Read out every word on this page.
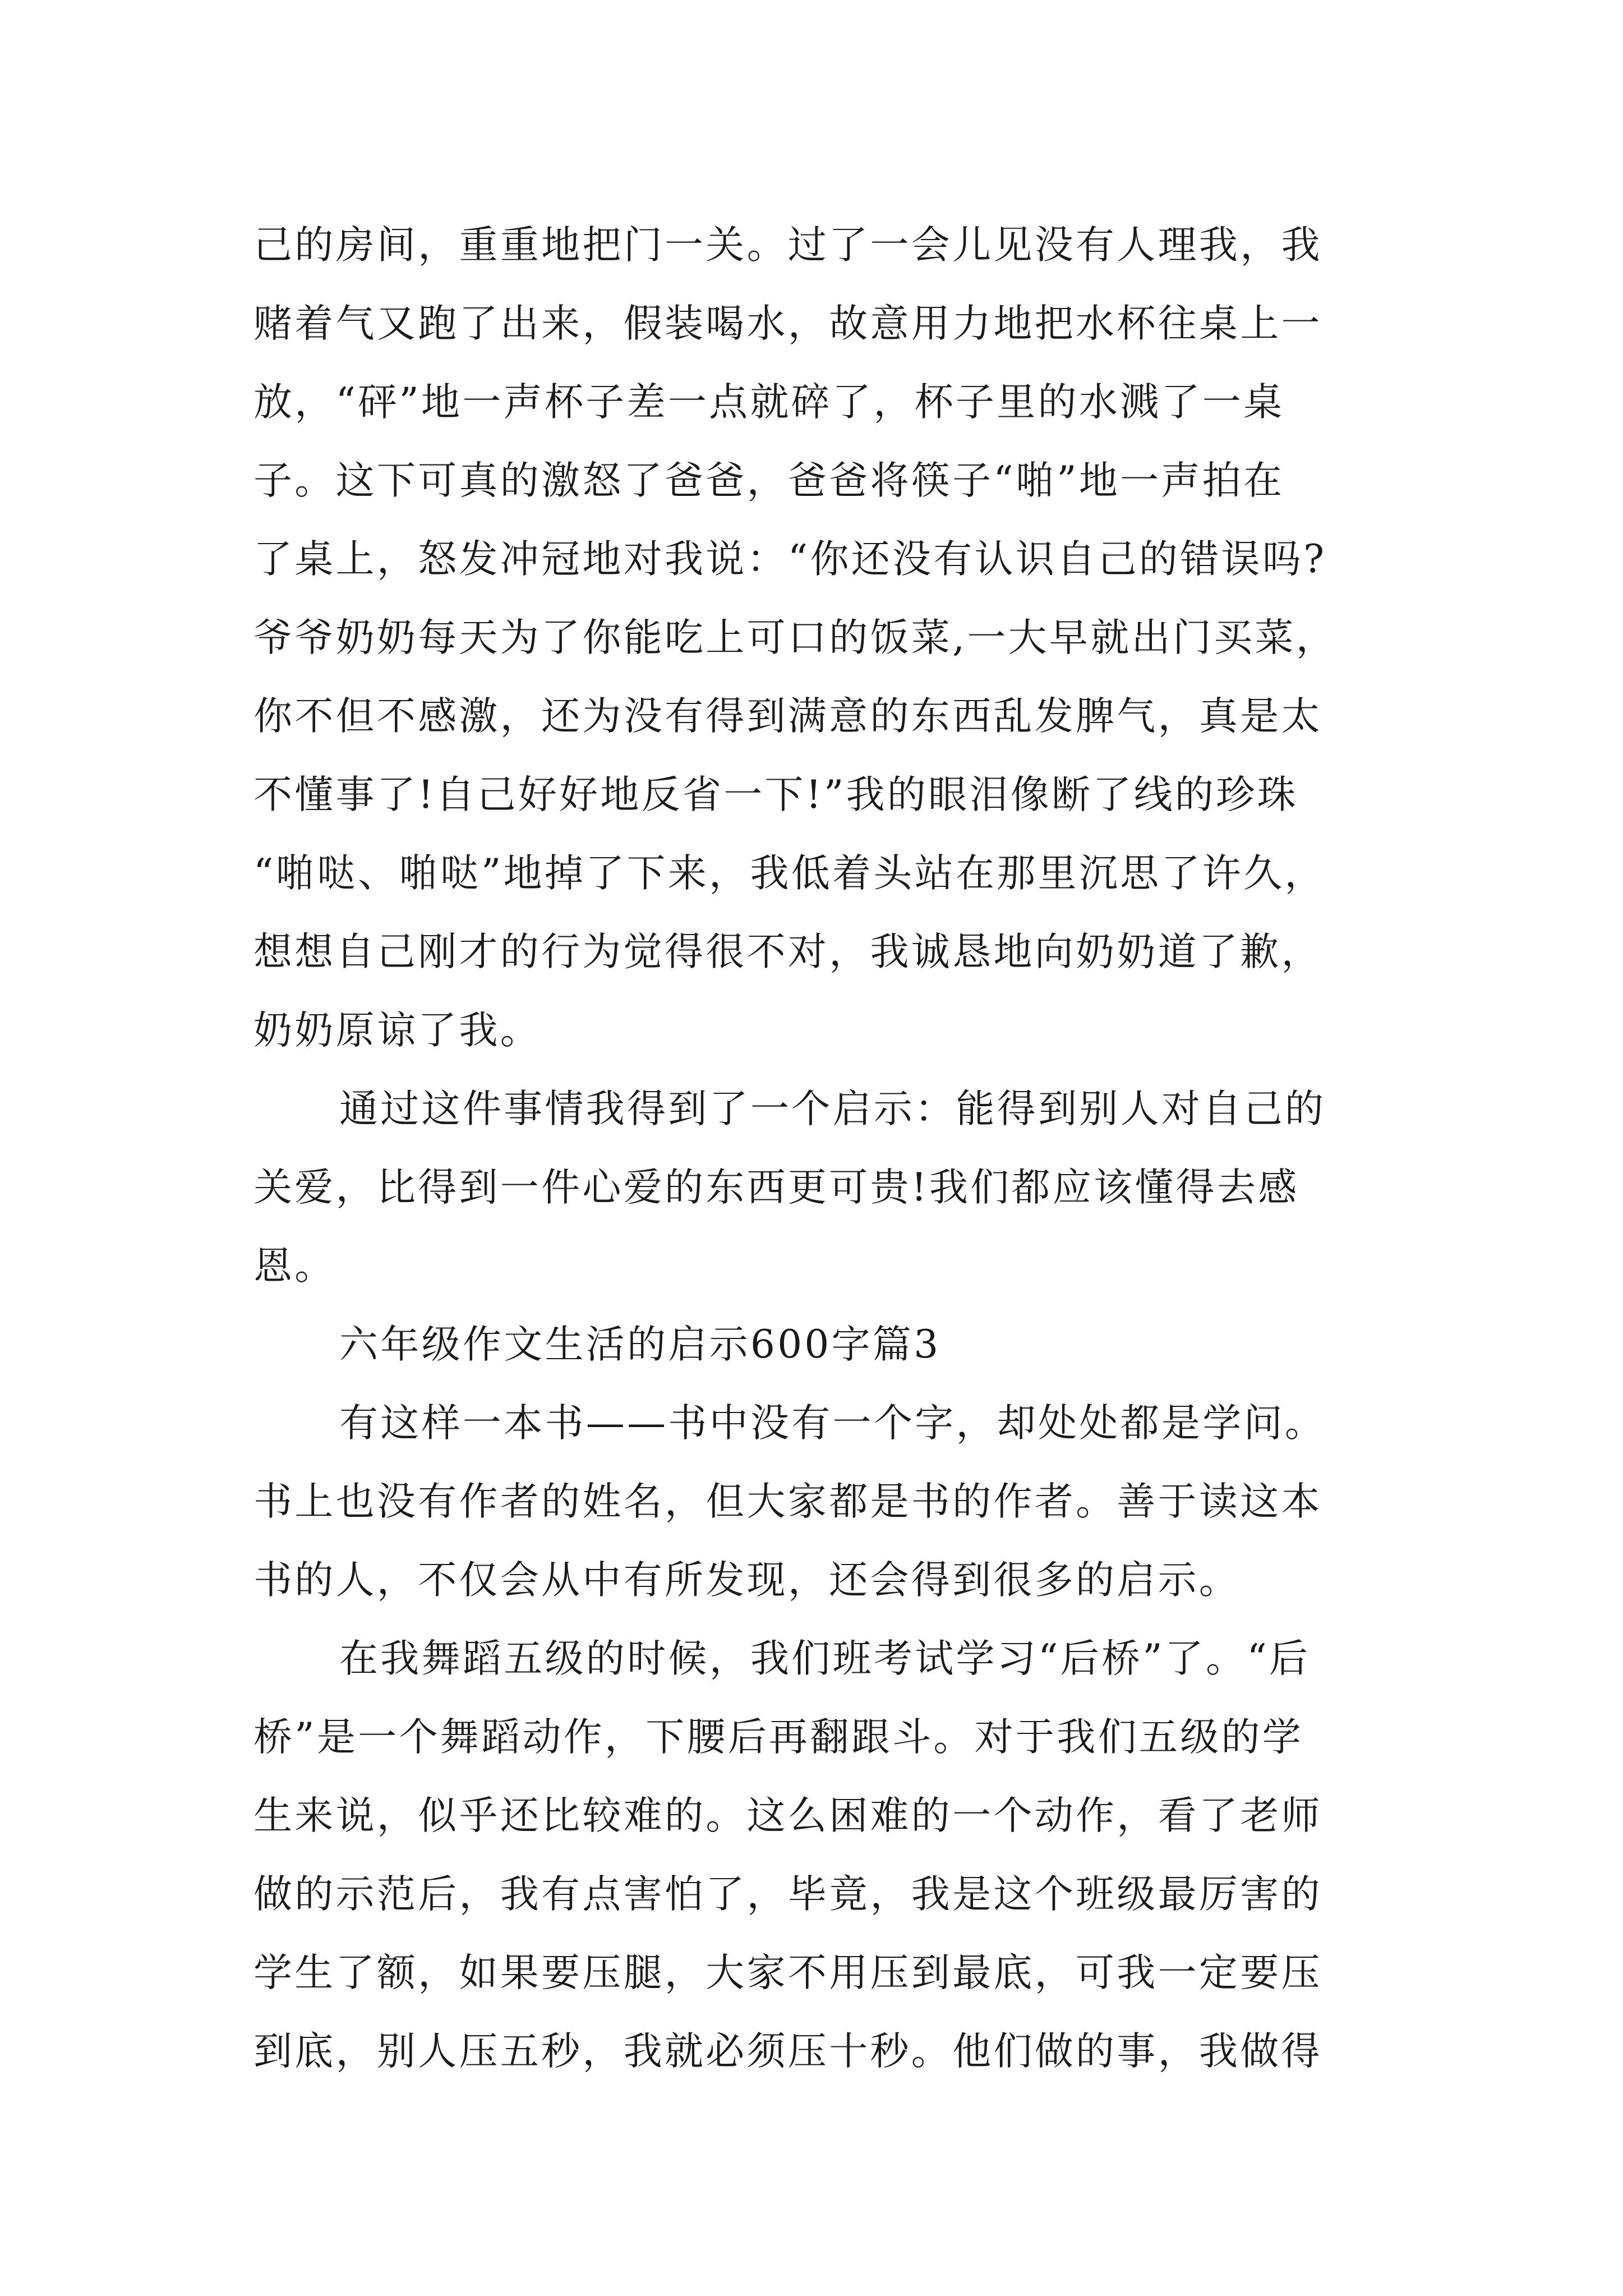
己的房间，重重地把门一关。过了一会儿见没有人理我，我
赌着气又跑了出来，假装喝水，故意用力地把水杯往桌上一
放，“砰”地一声杯子差一点就碎了，杯子里的水溅了一桌
子。这下可真的激怒了爸爸，爸爸将筷子“啪”地一声拍在
了桌上，怒发冲冠地对我说：“你还没有认识自己的错误吗?
爷爷奶奶每天为了你能吃上可口的饭菜,一大早就出门买菜，
你不但不感激，还为没有得到满意的东西乱发脾气，真是太
不懂事了!自己好好地反省一下!”我的眼泪像断了线的珍珠
“啪哒、啪哒”地掉了下来，我低着头站在那里沉思了许久，
想想自己刚才的行为觉得很不对，我诚恳地向奶奶道了歉，
奶奶原谅了我。
通过这件事情我得到了一个启示：能得到别人对自己的
关爱，比得到一件心爱的东西更可贵!我们都应该懂得去感
恩。
六年级作文生活的启示600字篇3
有这样一本书——书中没有一个字，却处处都是学问。
书上也没有作者的姓名，但大家都是书的作者。善于读这本
书的人，不仅会从中有所发现，还会得到很多的启示。
在我舞蹈五级的时候，我们班考试学习“后桥”了。“后
桥”是一个舞蹈动作，下腰后再翻跟斗。对于我们五级的学
生来说，似乎还比较难的。这么困难的一个动作，看了老师
做的示范后，我有点害怕了，毕竟，我是这个班级最厉害的
学生了额，如果要压腿，大家不用压到最底，可我一定要压
到底，别人压五秒，我就必须压十秒。他们做的事，我做得
